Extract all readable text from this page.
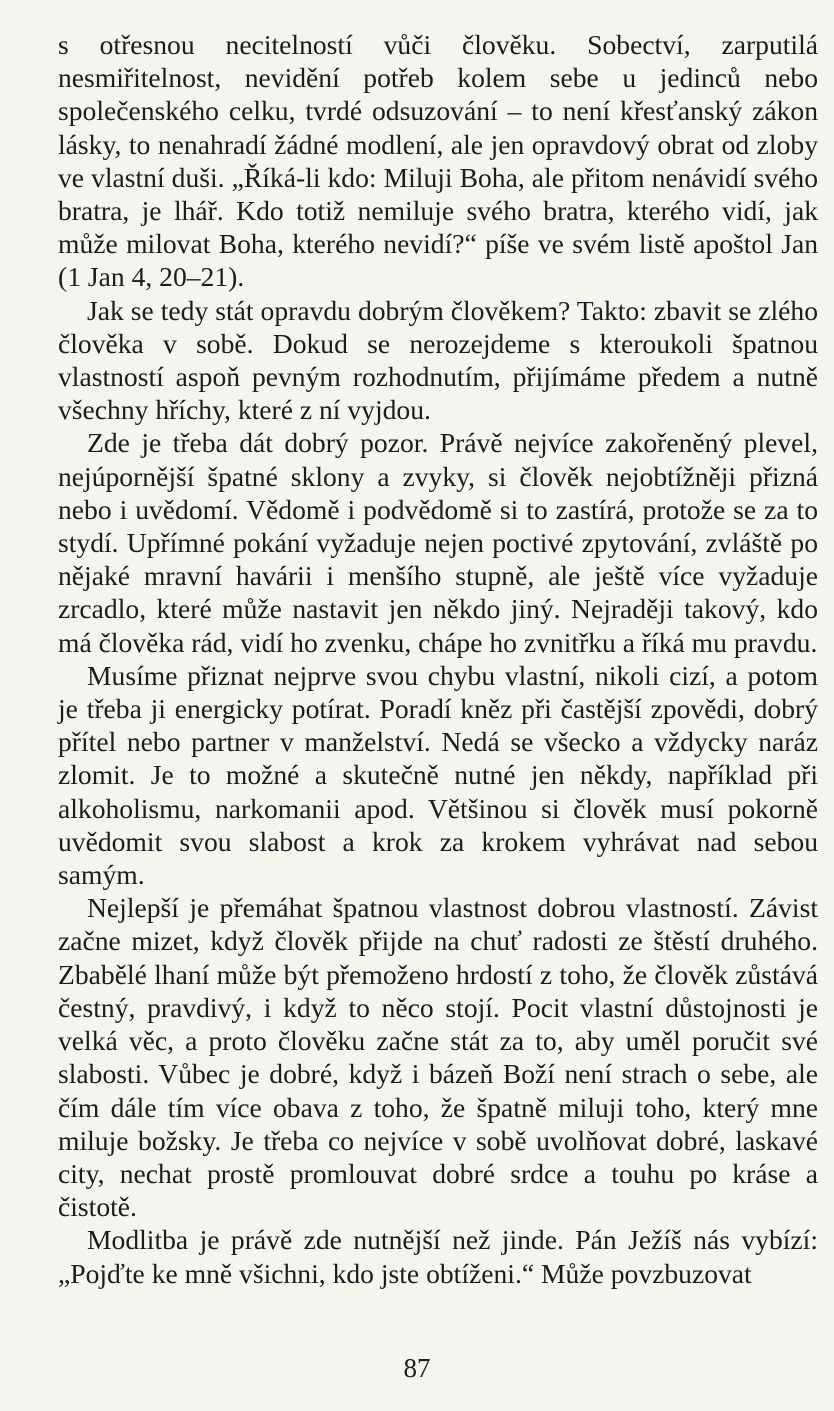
s otřesnou necitelností vůči člověku. Sobectví, zarputilá nesmiřitelnost, nevidění potřeb kolem sebe u jedinců nebo společenského celku, tvrdé odsuzování – to není křesťanský zákon lásky, to nenahradí žádné modlení, ale jen opravdový obrat od zloby ve vlastní duši. „Říká-li kdo: Miluji Boha, ale přitom nenávidí svého bratra, je lhář. Kdo totiž nemiluje svého bratra, kterého vidí, jak může milovat Boha, kterého nevidí?“ píše ve svém listě apoštol Jan (1 Jan 4, 20–21).

Jak se tedy stát opravdu dobrým člověkem? Takto: zbavit se zlého člověka v sobě. Dokud se nerozejdeme s kteroukoli špatnou vlastností aspoň pevným rozhodnutím, přijímáme předem a nutně všechny hříchy, které z ní vyjdou.

Zde je třeba dát dobrý pozor. Právě nejvíce zakořeněný plevel, nejúpornější špatné sklony a zvyky, si člověk nejobtížněji přizná nebo i uvědomí. Vědomě i podvědomě si to zastírá, protože se za to stydí. Upřímné pokání vyžaduje nejen poctivé zpytování, zvláště po nějaké mravní havárii i menšího stupně, ale ještě více vyžaduje zrcadlo, které může nastavit jen někdo jiný. Nejraději takový, kdo má člověka rád, vidí ho zvenku, chápe ho zvnitřku a říká mu pravdu.

Musíme přiznat nejprve svou chybu vlastní, nikoli cizí, a potom je třeba ji energicky potírat. Poradí kněz při častější zpovědi, dobrý přítel nebo partner v manželství. Nedá se všecko a vždycky naráz zlomit. Je to možné a skutečně nutné jen někdy, například při alkoholismu, narkomanii apod. Většinou si člověk musí pokorně uvědomit svou slabost a krok za krokem vyhrávat nad sebou samým.

Nejlepší je přemáhat špatnou vlastnost dobrou vlastností. Závist začne mizet, když člověk přijde na chuť radosti ze štěstí druhého. Zbabělé lhaní může být přemoženo hrdostí z toho, že člověk zůstává čestný, pravdivý, i když to něco stojí. Pocit vlastní důstojnosti je velká věc, a proto člověku začne stát za to, aby uměl poručit své slabosti. Vůbec je dobré, když i bázeň Boží není strach o sebe, ale čím dále tím více obava z toho, že špatně miluji toho, který mne miluje božsky. Je třeba co nejvíce v sobě uvolňovat dobré, laskavé city, nechat prostě promlouvat dobré srdce a touhu po kráse a čistotě.

Modlitba je právě zde nutnější než jinde. Pán Ježíš nás vybízí: „Pojďte ke mně všichni, kdo jste obtíženi.“ Může povzbuzovat

87
